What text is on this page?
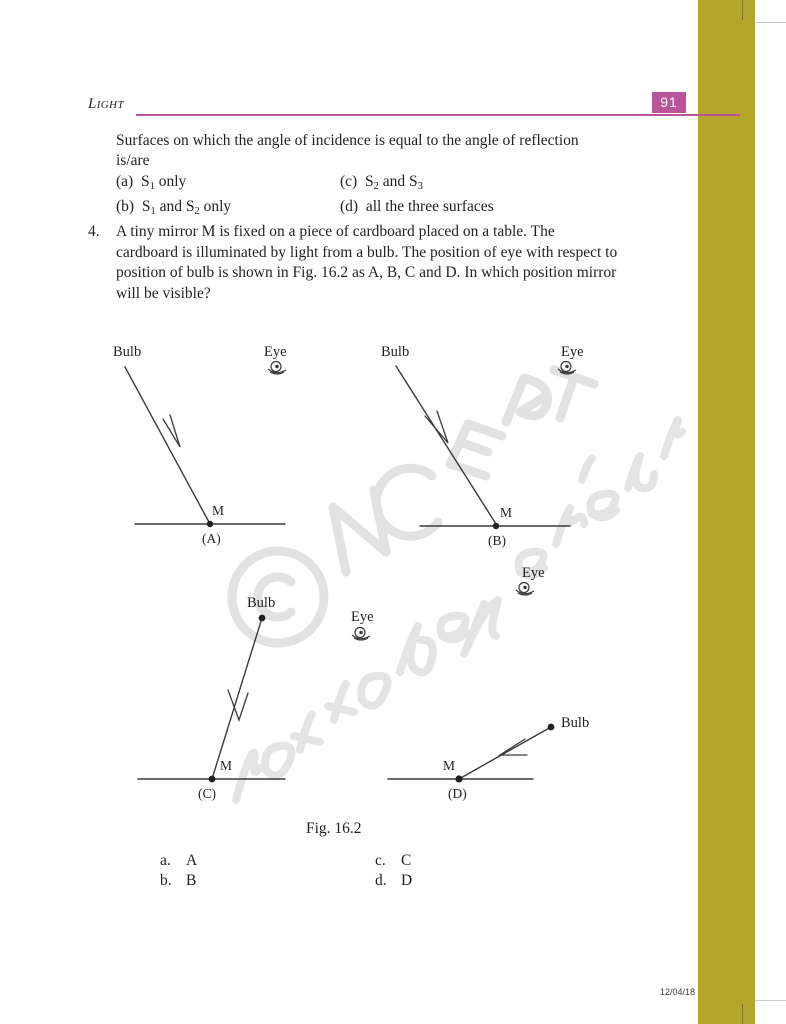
Light	91
Surfaces on which the angle of incidence is equal to the angle of reflection is/are
(a)  $S_1$ only	(c)  $S_2$ and $S_3$
(b)  $S_1$ and $S_2$ only	(d)  all the three surfaces
4.	A tiny mirror M is fixed on a piece of cardboard placed on a table. The cardboard is illuminated by light from a bulb. The position of eye with respect to position of bulb is shown in Fig. 16.2 as A, B, C and D. In which position mirror will be visible?
Bulb	Eye
M
(A)
Bulb	Eye
M
(B)
Bulb
Eye
M
(C)
Bulb
Eye
M
(D)
Fig. 16.2
a. A	c. C
b. B	d. D
12/04/18
